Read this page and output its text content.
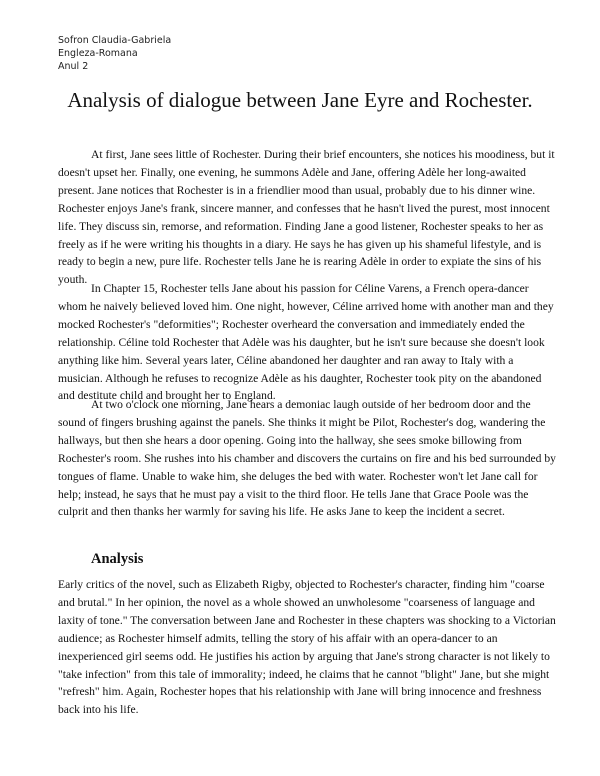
Sofron Claudia-Gabriela
Engleza-Romana
Anul 2
Analysis of dialogue between Jane Eyre and Rochester.
At first, Jane sees little of Rochester. During their brief encounters, she notices his moodiness, but it doesn't upset her. Finally, one evening, he summons Adèle and Jane, offering Adèle her long-awaited present. Jane notices that Rochester is in a friendlier mood than usual, probably due to his dinner wine. Rochester enjoys Jane's frank, sincere manner, and confesses that he hasn't lived the purest, most innocent life. They discuss sin, remorse, and reformation. Finding Jane a good listener, Rochester speaks to her as freely as if he were writing his thoughts in a diary. He says he has given up his shameful lifestyle, and is ready to begin a new, pure life. Rochester tells Jane he is rearing Adèle in order to expiate the sins of his youth.
In Chapter 15, Rochester tells Jane about his passion for Céline Varens, a French opera-dancer whom he naively believed loved him. One night, however, Céline arrived home with another man and they mocked Rochester's "deformities"; Rochester overheard the conversation and immediately ended the relationship. Céline told Rochester that Adèle was his daughter, but he isn't sure because she doesn't look anything like him. Several years later, Céline abandoned her daughter and ran away to Italy with a musician. Although he refuses to recognize Adèle as his daughter, Rochester took pity on the abandoned and destitute child and brought her to England.
At two o'clock one morning, Jane hears a demoniac laugh outside of her bedroom door and the sound of fingers brushing against the panels. She thinks it might be Pilot, Rochester's dog, wandering the hallways, but then she hears a door opening. Going into the hallway, she sees smoke billowing from Rochester's room. She rushes into his chamber and discovers the curtains on fire and his bed surrounded by tongues of flame. Unable to wake him, she deluges the bed with water. Rochester won't let Jane call for help; instead, he says that he must pay a visit to the third floor. He tells Jane that Grace Poole was the culprit and then thanks her warmly for saving his life. He asks Jane to keep the incident a secret.
Analysis
Early critics of the novel, such as Elizabeth Rigby, objected to Rochester's character, finding him "coarse and brutal." In her opinion, the novel as a whole showed an unwholesome "coarseness of language and laxity of tone." The conversation between Jane and Rochester in these chapters was shocking to a Victorian audience; as Rochester himself admits, telling the story of his affair with an opera-dancer to an inexperienced girl seems odd. He justifies his action by arguing that Jane's strong character is not likely to "take infection" from this tale of immorality; indeed, he claims that he cannot "blight" Jane, but she might "refresh" him. Again, Rochester hopes that his relationship with Jane will bring innocence and freshness back into his life.
